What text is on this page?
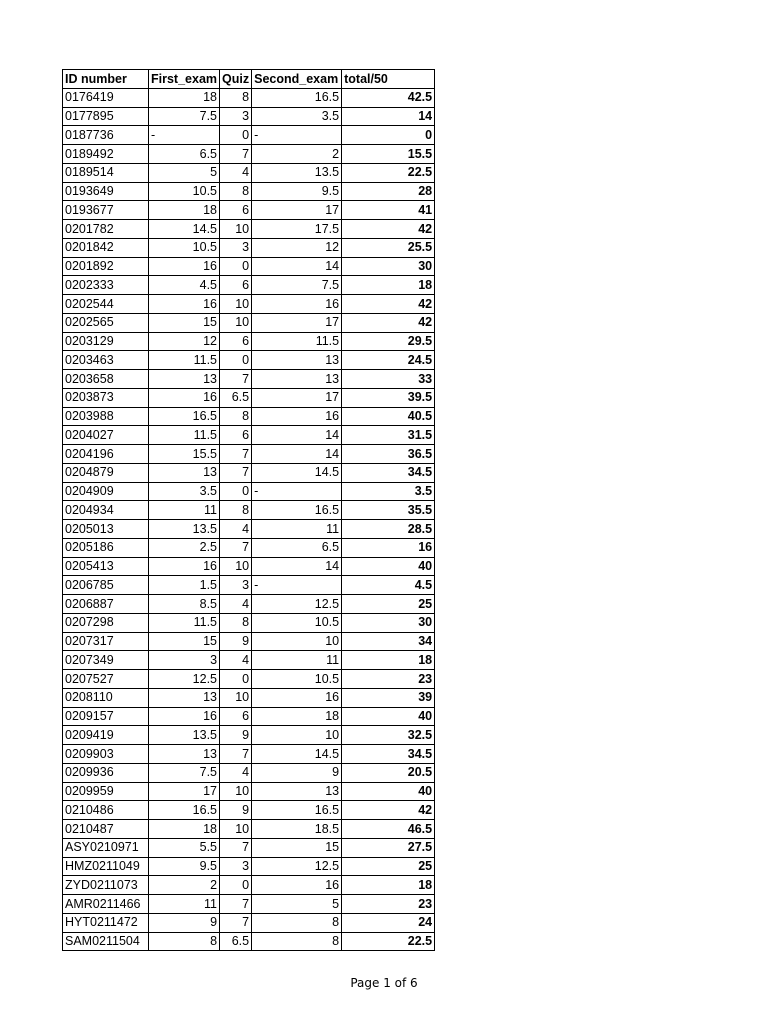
ID number	First_exam	Quiz	Second_exam	total/50
0176419	18	8	16.5	42.5
0177895	7.5	3	3.5	14
0187736	-	0	-	0
0189492	6.5	7	2	15.5
0189514	5	4	13.5	22.5
0193649	10.5	8	9.5	28
0193677	18	6	17	41
0201782	14.5	10	17.5	42
0201842	10.5	3	12	25.5
0201892	16	0	14	30
0202333	4.5	6	7.5	18
0202544	16	10	16	42
0202565	15	10	17	42
0203129	12	6	11.5	29.5
0203463	11.5	0	13	24.5
0203658	13	7	13	33
0203873	16	6.5	17	39.5
0203988	16.5	8	16	40.5
0204027	11.5	6	14	31.5
0204196	15.5	7	14	36.5
0204879	13	7	14.5	34.5
0204909	3.5	0	-	3.5
0204934	11	8	16.5	35.5
0205013	13.5	4	11	28.5
0205186	2.5	7	6.5	16
0205413	16	10	14	40
0206785	1.5	3	-	4.5
0206887	8.5	4	12.5	25
0207298	11.5	8	10.5	30
0207317	15	9	10	34
0207349	3	4	11	18
0207527	12.5	0	10.5	23
0208110	13	10	16	39
0209157	16	6	18	40
0209419	13.5	9	10	32.5
0209903	13	7	14.5	34.5
0209936	7.5	4	9	20.5
0209959	17	10	13	40
0210486	16.5	9	16.5	42
0210487	18	10	18.5	46.5
ASY0210971	5.5	7	15	27.5
HMZ0211049	9.5	3	12.5	25
ZYD0211073	2	0	16	18
AMR0211466	11	7	5	23
HYT0211472	9	7	8	24
SAM0211504	8	6.5	8	22.5
Page 1 of 6
